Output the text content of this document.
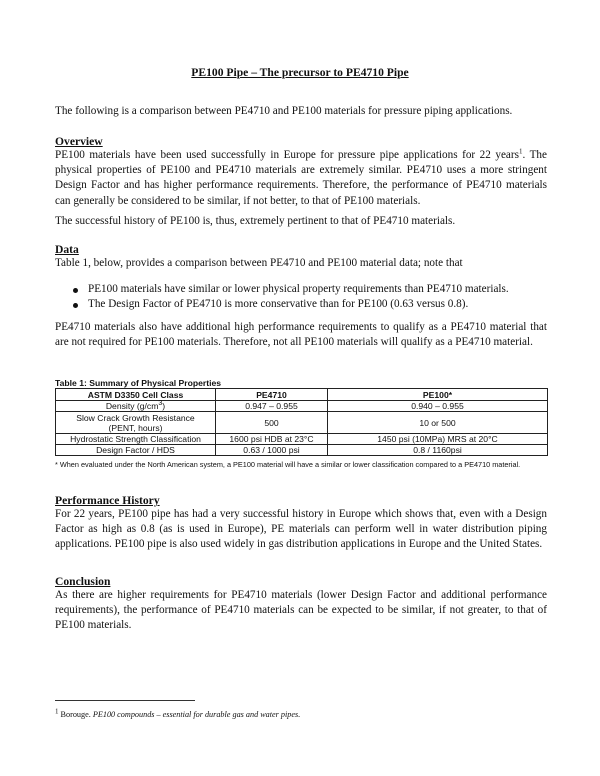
PE100 Pipe – The precursor to PE4710 Pipe

The following is a comparison between PE4710 and PE100 materials for pressure piping applications.

Overview

PE100 materials have been used successfully in Europe for pressure pipe applications for 22 years$^1$. The physical properties of PE100 and PE4710 materials are extremely similar. PE4710 uses a more stringent Design Factor and has higher performance requirements. Therefore, the performance of PE4710 materials can generally be considered to be similar, if not better, to that of PE100 materials.

The successful history of PE100 is, thus, extremely pertinent to that of PE4710 materials.

Data

Table 1, below, provides a comparison between PE4710 and PE100 material data; note that

PE100 materials have similar or lower physical property requirements than PE4710 materials.
The Design Factor of PE4710 is more conservative than for PE100 (0.63 versus 0.8).

PE4710 materials also have additional high performance requirements to qualify as a PE4710 material that are not required for PE100 materials. Therefore, not all PE100 materials will qualify as a PE4710 material.

Table 1: Summary of Physical Properties
ASTM D3350 Cell Class	PE4710	PE100*
Density $(g/cm^3)$	0.947 – 0.955	0.940 – 0.955
Slow Crack Growth Resistance
(PENT, hours)	500	10 or 500
Hydrostatic Strength Classification	1600 psi HDB at 23°C	1450 psi (10MPa) MRS at 20°C
Design Factor / HDS	0.63 / 1000 psi	0.8 / 1160psi
* When evaluated under the North American system, a PE100 material will have a similar or lower classification compared to a PE4710 material.

Performance History

For 22 years, PE100 pipe has had a very successful history in Europe which shows that, even with a Design Factor as high as 0.8 (as is used in Europe), PE materials can perform well in water distribution piping applications. PE100 pipe is also used widely in gas distribution applications in Europe and the United States.

Conclusion

As there are higher requirements for PE4710 materials (lower Design Factor and additional performance requirements), the performance of PE4710 materials can be expected to be similar, if not greater, to that of PE100 materials.

$^1$ Borouge. PE100 compounds – essential for durable gas and water pipes.
